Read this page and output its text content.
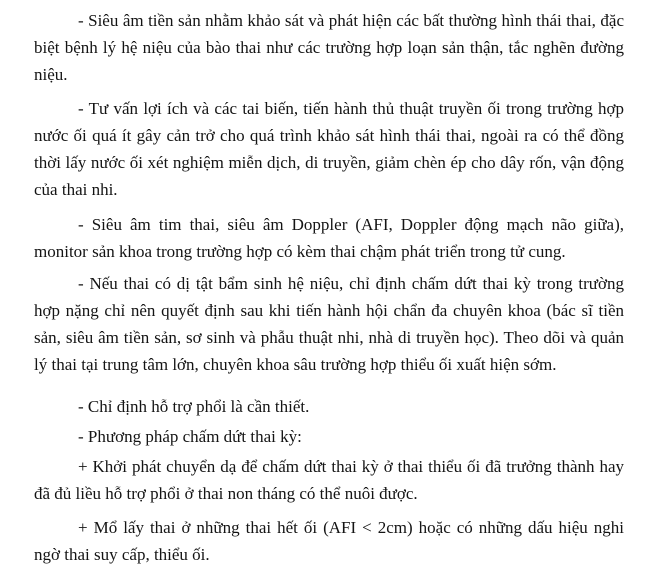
- Siêu âm tiền sản nhằm khảo sát và phát hiện các bất thường hình thái thai, đặc biệt bệnh lý hệ niệu của bào thai như các trường hợp loạn sản thận, tắc nghẽn đường niệu.

- Tư vấn lợi ích và các tai biến, tiến hành thủ thuật truyền ối trong trường hợp nước ối quá ít gây cản trở cho quá trình khảo sát hình thái thai, ngoài ra có thể đồng thời lấy nước ối xét nghiệm miễn dịch, di truyền, giảm chèn ép cho dây rốn, vận động của thai nhi.

- Siêu âm tim thai, siêu âm Doppler (AFI, Doppler động mạch não giữa), monitor sản khoa trong trường hợp có kèm thai chậm phát triển trong tử cung.

- Nếu thai có dị tật bẩm sinh hệ niệu, chỉ định chấm dứt thai kỳ trong trường hợp nặng chỉ nên quyết định sau khi tiến hành hội chẩn đa chuyên khoa (bác sĩ tiền sản, siêu âm tiền sản, sơ sinh và phẫu thuật nhi, nhà di truyền học). Theo dõi và quản lý thai tại trung tâm lớn, chuyên khoa sâu trường hợp thiểu ối xuất hiện sớm.

- Chỉ định hỗ trợ phổi là cần thiết.

- Phương pháp chấm dứt thai kỳ:

+ Khởi phát chuyển dạ để chấm dứt thai kỳ ở thai thiểu ối đã trưởng thành hay đã đủ liều hỗ trợ phổi ở thai non tháng có thể nuôi được.

+ Mổ lấy thai ở những thai hết ối (AFI < 2cm) hoặc có những dấu hiệu nghi ngờ thai suy cấp, thiểu ối.
